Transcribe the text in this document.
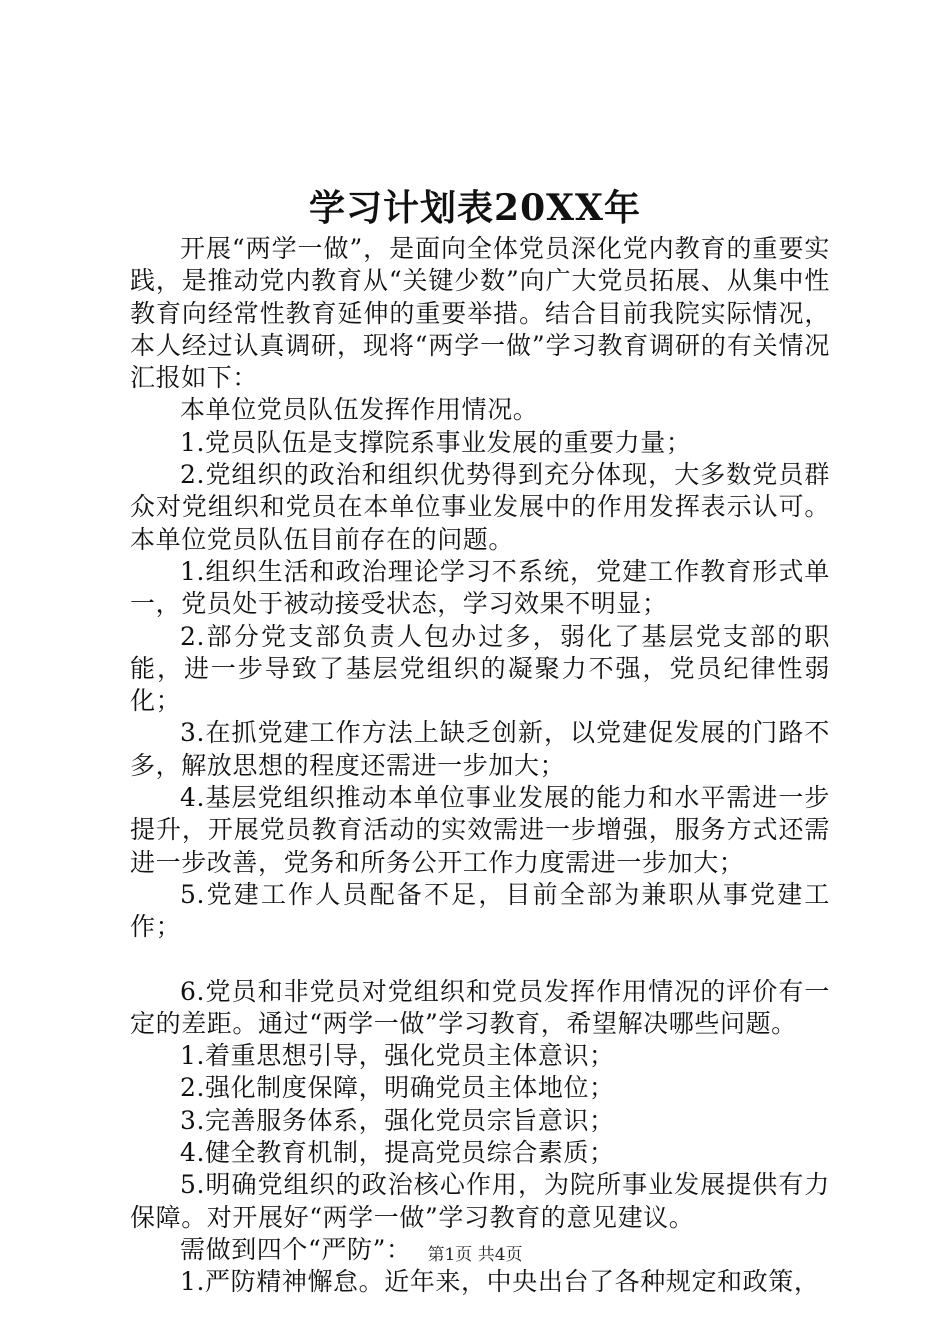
学习计划表20XX年

开展“两学一做”，是面向全体党员深化党内教育的重要实践，是推动党内教育从“关键少数”向广大党员拓展、从集中性教育向经常性教育延伸的重要举措。结合目前我院实际情况，本人经过认真调研，现将“两学一做”学习教育调研的有关情况汇报如下：

本单位党员队伍发挥作用情况。

1.党员队伍是支撑院系事业发展的重要力量；

2.党组织的政治和组织优势得到充分体现，大多数党员群众对党组织和党员在本单位事业发展中的作用发挥表示认可。本单位党员队伍目前存在的问题。

1.组织生活和政治理论学习不系统，党建工作教育形式单一，党员处于被动接受状态，学习效果不明显；

2.部分党支部负责人包办过多，弱化了基层党支部的职能，进一步导致了基层党组织的凝聚力不强，党员纪律性弱化；

3.在抓党建工作方法上缺乏创新，以党建促发展的门路不多，解放思想的程度还需进一步加大；

4.基层党组织推动本单位事业发展的能力和水平需进一步提升，开展党员教育活动的实效需进一步增强，服务方式还需进一步改善，党务和所务公开工作力度需进一步加大；

5.党建工作人员配备不足，目前全部为兼职从事党建工作；

6.党员和非党员对党组织和党员发挥作用情况的评价有一定的差距。通过“两学一做”学习教育，希望解决哪些问题。

1.着重思想引导，强化党员主体意识；

2.强化制度保障，明确党员主体地位；

3.完善服务体系，强化党员宗旨意识；

4.健全教育机制，提高党员综合素质；

5.明确党组织的政治核心作用，为院所事业发展提供有力保障。对开展好“两学一做”学习教育的意见建议。

需做到四个“严防”：

1.严防精神懈怠。近年来，中央出台了各种规定和政策，

第1页 共4页
